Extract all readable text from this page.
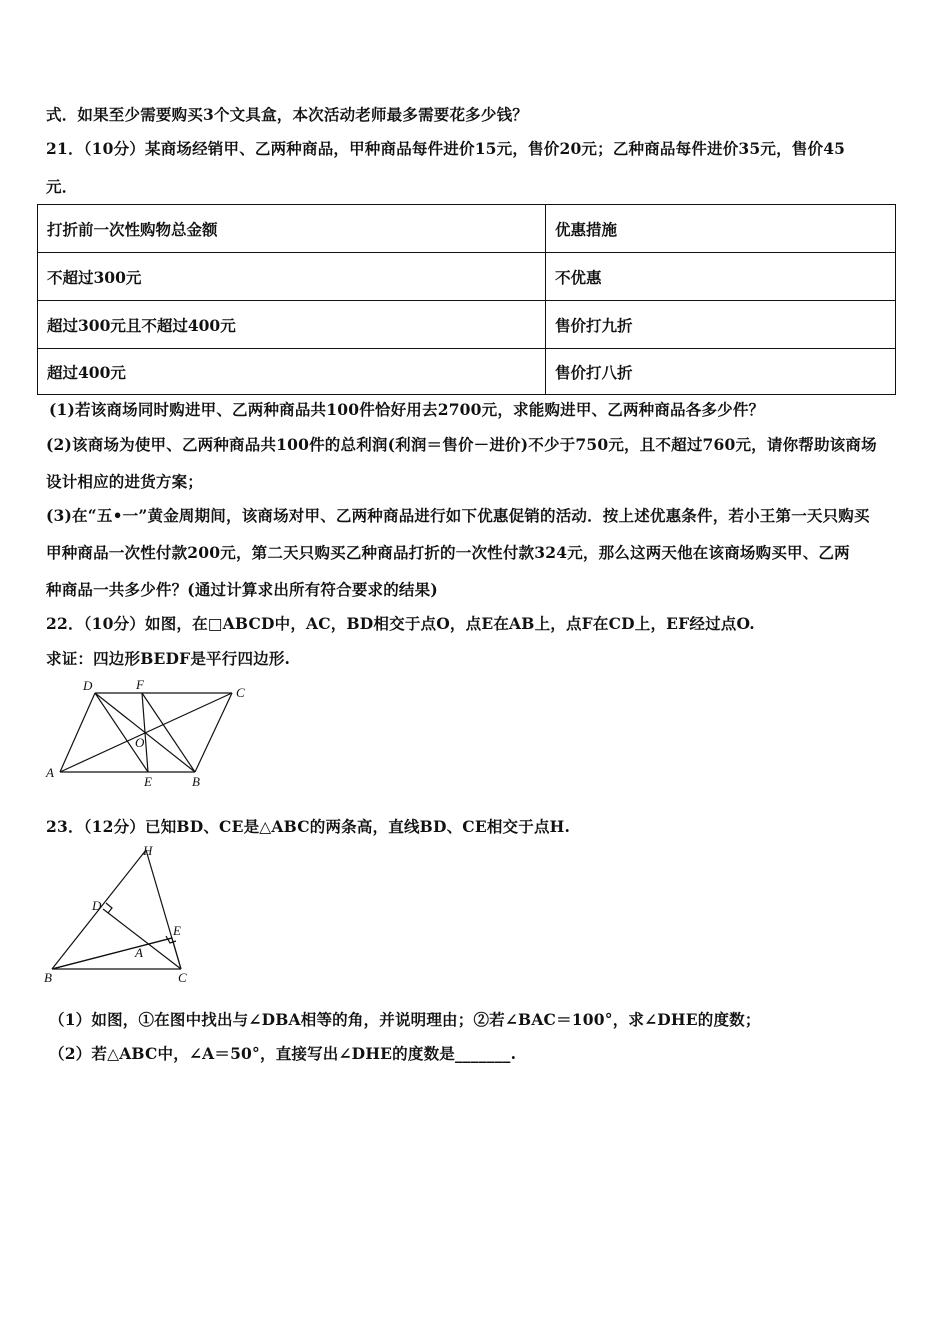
式．如果至少需要购买3个文具盒，本次活动老师最多需要花多少钱？
21．（10分）某商场经销甲、乙两种商品，甲种商品每件进价15元，售价20元；乙种商品每件进价35元，售价45
元．
打折前一次性购物总金额	优惠措施
不超过300元	不优惠
超过300元且不超过400元	售价打九折
超过400元	售价打八折
(1)若该商场同时购进甲、乙两种商品共100件恰好用去2700元，求能购进甲、乙两种商品各多少件？
(2)该商场为使甲、乙两种商品共100件的总利润(利润＝售价－进价)不少于750元，且不超过760元，请你帮助该商场
设计相应的进货方案；
(3)在“五•一”黄金周期间，该商场对甲、乙两种商品进行如下优惠促销的活动．按上述优惠条件，若小王第一天只购买
甲种商品一次性付款200元，第二天只购买乙种商品打折的一次性付款324元，那么这两天他在该商场购买甲、乙两
种商品一共多少件？(通过计算求出所有符合要求的结果)
22．（10分）如图，在□ABCD中，AC，BD相交于点O，点E在AB上，点F在CD上，EF经过点O.
求证：四边形BEDF是平行四边形.
D	F
C
A
E	B
O
23．（12分）已知BD、CE是△ABC的两条高，直线BD、CE相交于点H.
H
D
E
A
B	C
（1）如图，①在图中找出与∠DBA相等的角，并说明理由；②若∠BAC＝100°，求∠DHE的度数；
（2）若△ABC中，∠A＝50°，直接写出∠DHE的度数是_______.
